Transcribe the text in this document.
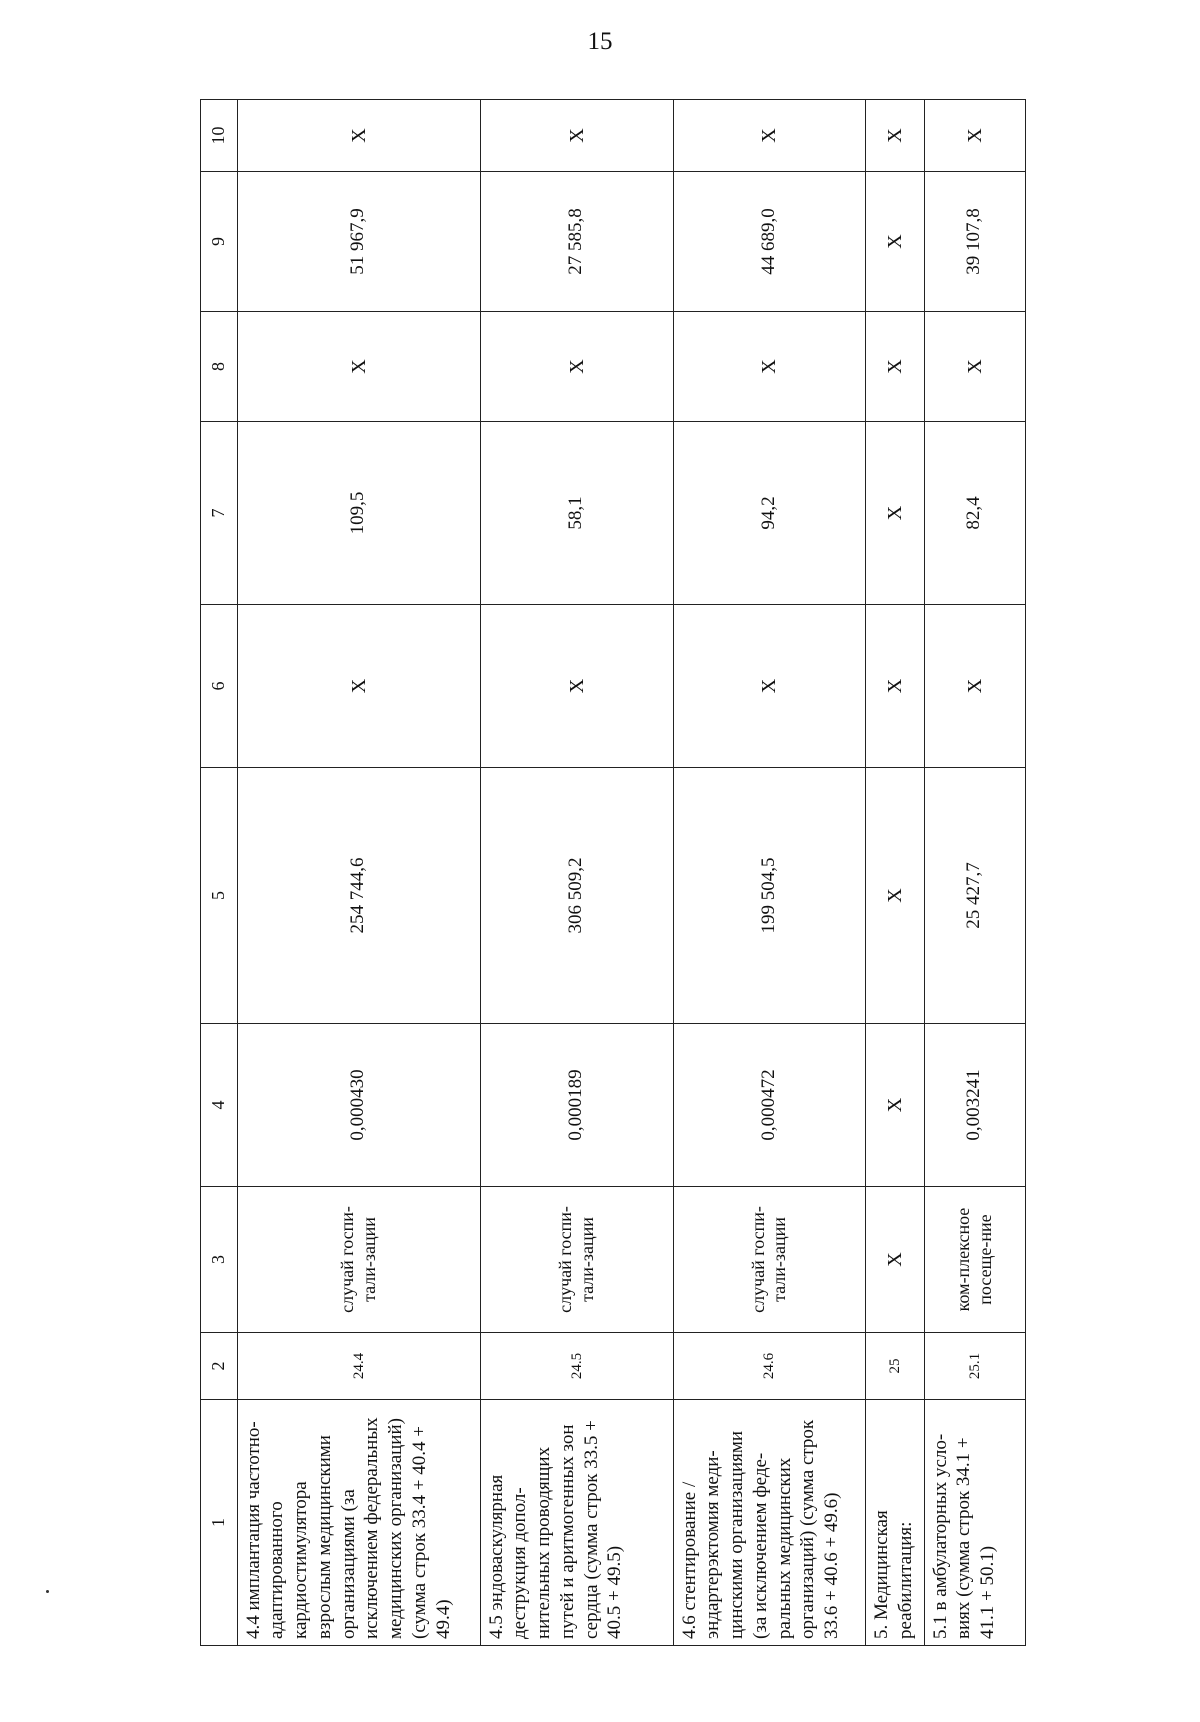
15
1	2	3	4	5	6	7	8	9	10
4.4 имплантация частотно-адаптированного кардиостимулятора взрослым медицинскими организациями (за исключением федеральных медицинских организаций) (сумма строк 33.4 + 40.4 + 49.4)	24.4	случай госпи-тали-зации	0,000430	254 744,6	X	109,5	X	51 967,9	X
4.5 эндоваскулярная деструкция допол-нительных проводящих путей и аритмогенных зон сердца (сумма строк 33.5 + 40.5 + 49.5)	24.5	случай госпи-тали-зации	0,000189	306 509,2	X	58,1	X	27 585,8	X
4.6 стентирование / эндартерэктомия меди-цинскими организациями (за исключением феде-ральных медицинских организаций) (сумма строк 33.6 + 40.6 + 49.6)	24.6	случай госпи-тали-зации	0,000472	199 504,5	X	94,2	X	44 689,0	X
5. Медицинская реабилитация:	25	X	X	X	X	X	X	X	X
5.1 в амбулаторных усло-виях (сумма строк 34.1 + 41.1 + 50.1)	25.1	ком-плексное посеще-ние	0,003241	25 427,7	X	82,4	X	39 107,8	X
